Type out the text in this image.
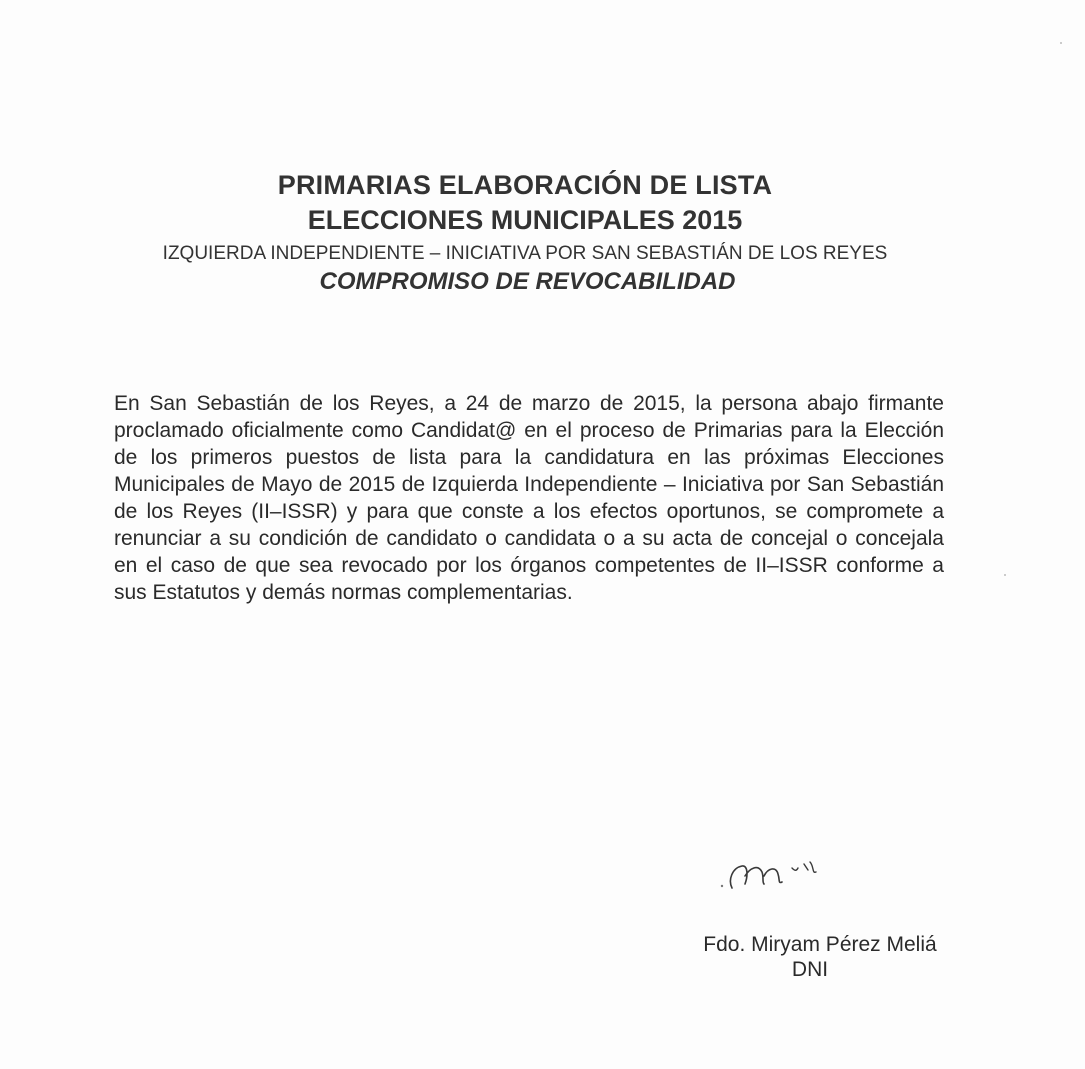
PRIMARIAS ELABORACIÓN DE LISTA
ELECCIONES MUNICIPALES 2015
IZQUIERDA INDEPENDIENTE – INICIATIVA POR SAN SEBASTIÁN DE LOS REYES
COMPROMISO DE REVOCABILIDAD
En San Sebastián de los Reyes, a 24 de marzo de 2015, la persona abajo firmante proclamado oficialmente como Candidat@ en el proceso de Primarias para la Elección de los primeros puestos de lista para la candidatura en las próximas Elecciones Municipales de Mayo de 2015 de Izquierda Independiente – Iniciativa por San Sebastián de los Reyes (II–ISSR) y para que conste a los efectos oportunos, se compromete a renunciar a su condición de candidato o candidata o a su acta de concejal o concejala en el caso de que sea revocado por los órganos competentes de II–ISSR conforme a sus Estatutos y demás normas complementarias.
Fdo. Miryam Pérez Meliá
DNI
